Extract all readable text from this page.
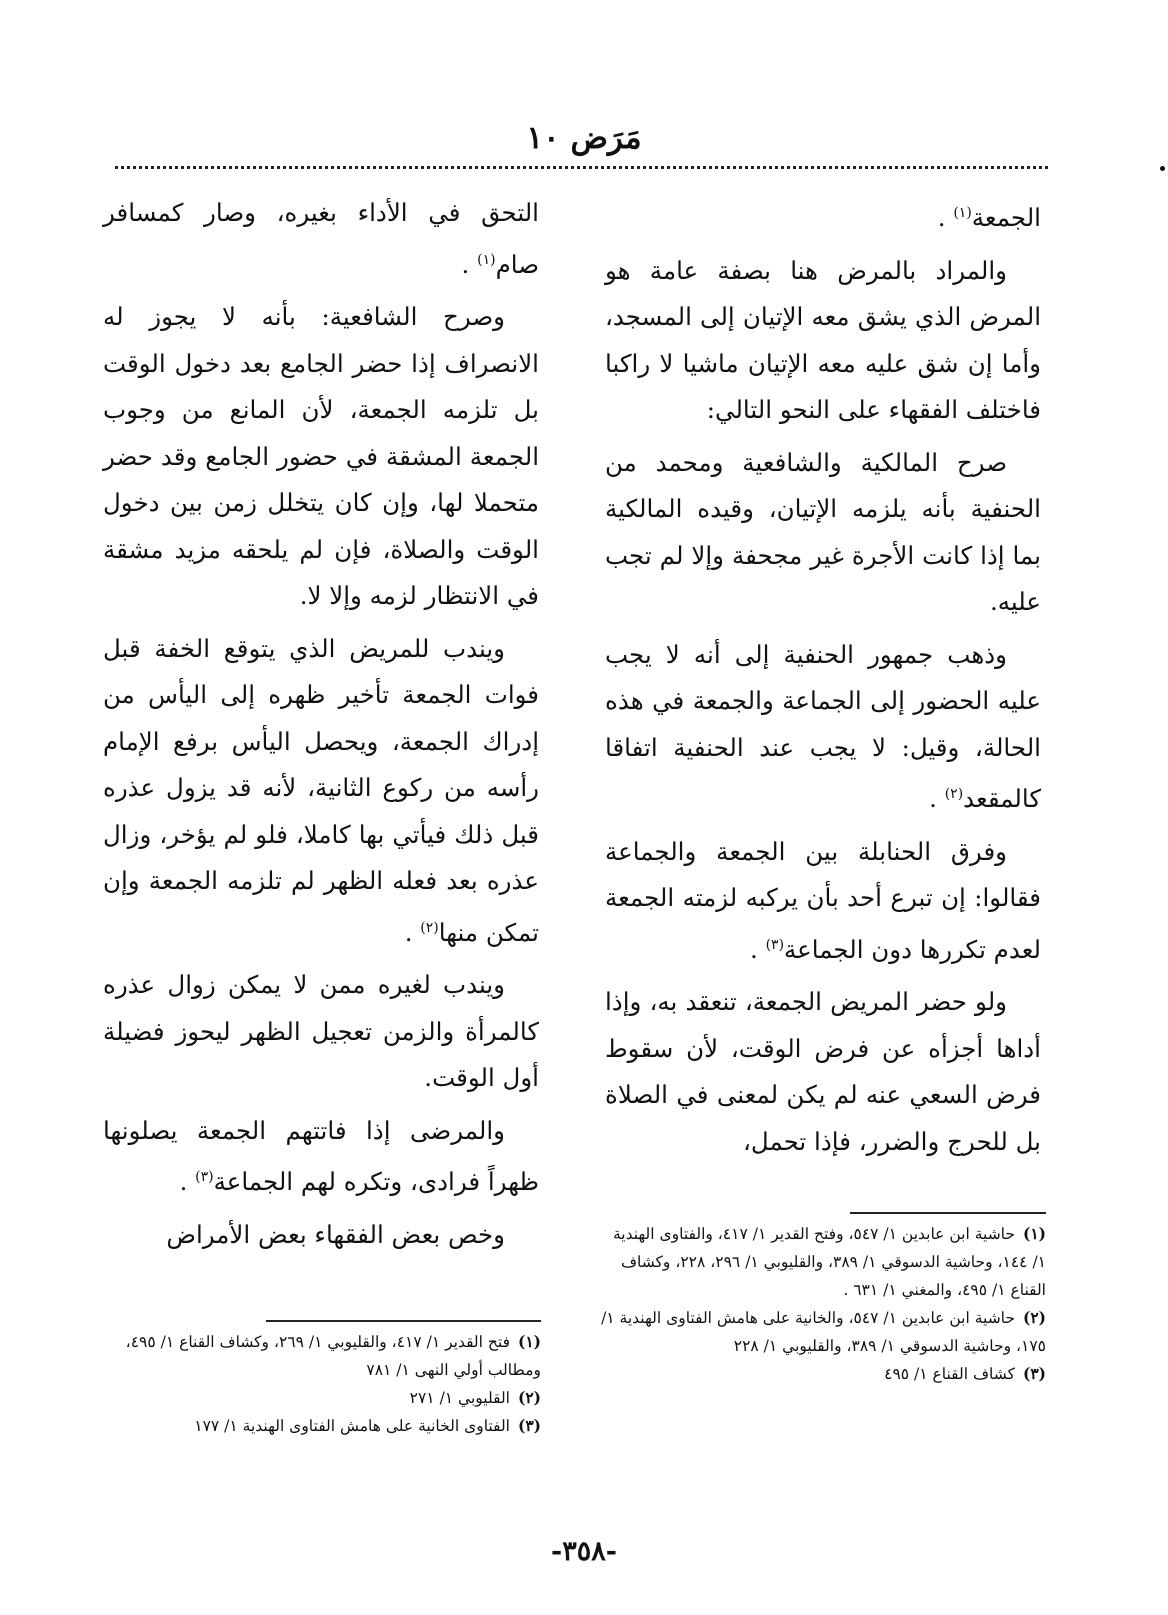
مَرَض ١٠

الجمعة$^{(١)}$ .

والمراد بالمرض هنا بصفة عامة هو المرض الذي يشق معه الإتيان إلى المسجد، وأما إن شق عليه معه الإتيان ماشيا لا راكبا فاختلف الفقهاء على النحو التالي:

صرح المالكية والشافعية ومحمد من الحنفية بأنه يلزمه الإتيان، وقيده المالكية بما إذا كانت الأجرة غير مجحفة وإلا لم تجب عليه.

وذهب جمهور الحنفية إلى أنه لا يجب عليه الحضور إلى الجماعة والجمعة في هذه الحالة، وقيل: لا يجب عند الحنفية اتفاقا كالمقعد$^{(٢)}$ .

وفرق الحنابلة بين الجمعة والجماعة فقالوا: إن تبرع أحد بأن يركبه لزمته الجمعة لعدم تكررها دون الجماعة$^{(٣)}$ .

ولو حضر المريض الجمعة، تنعقد به، وإذا أداها أجزأه عن فرض الوقت، لأن سقوط فرض السعي عنه لم يكن لمعنى في الصلاة بل للحرج والضرر، فإذا تحمل،

التحق في الأداء بغيره، وصار كمسافر صام$^{(١)}$ .

وصرح الشافعية: بأنه لا يجوز له الانصراف إذا حضر الجامع بعد دخول الوقت بل تلزمه الجمعة، لأن المانع من وجوب الجمعة المشقة في حضور الجامع وقد حضر متحملا لها، وإن كان يتخلل زمن بين دخول الوقت والصلاة، فإن لم يلحقه مزيد مشقة في الانتظار لزمه وإلا لا.

ويندب للمريض الذي يتوقع الخفة قبل فوات الجمعة تأخير ظهره إلى اليأس من إدراك الجمعة، ويحصل اليأس برفع الإمام رأسه من ركوع الثانية، لأنه قد يزول عذره قبل ذلك فيأتي بها كاملا، فلو لم يؤخر، وزال عذره بعد فعله الظهر لم تلزمه الجمعة وإن تمكن منها$^{(٢)}$ .

ويندب لغيره ممن لا يمكن زوال عذره كالمرأة والزمن تعجيل الظهر ليحوز فضيلة أول الوقت.

والمرضى إذا فاتتهم الجمعة يصلونها ظهراً فرادى، وتكره لهم الجماعة$^{(٣)}$ .

وخص بعض الفقهاء بعض الأمراض	(١)حاشية ابن عابدين ١/ ٥٤٧، وفتح القدير ١/ ٤١٧، والفتاوى الهندية ١/ ١٤٤، وحاشية الدسوقي ١/ ٣٨٩، والقليوبي ١/ ٢٩٦، ٢٢٨، وكشاف القناع ١/ ٤٩٥، والمغني ١/ ٦٣١ .

(٢)حاشية ابن عابدين ١/ ٥٤٧، والخانية على هامش الفتاوى الهندية ١/ ١٧٥، وحاشية الدسوقي ١/ ٣٨٩، والقليوبي ١/ ٢٢٨

(٣)كشاف القناع ١/ ٤٩٥

(١)فتح القدير ١/ ٤١٧، والقليوبي ١/ ٢٦٩، وكشاف القناع ١/ ٤٩٥، ومطالب أولي النهى ١/ ٧٨١

(٢)القليوبي ١/ ٢٧١

(٣)الفتاوى الخانية على هامش الفتاوى الهندية ١/ ١٧٧

-٣٥٨-
